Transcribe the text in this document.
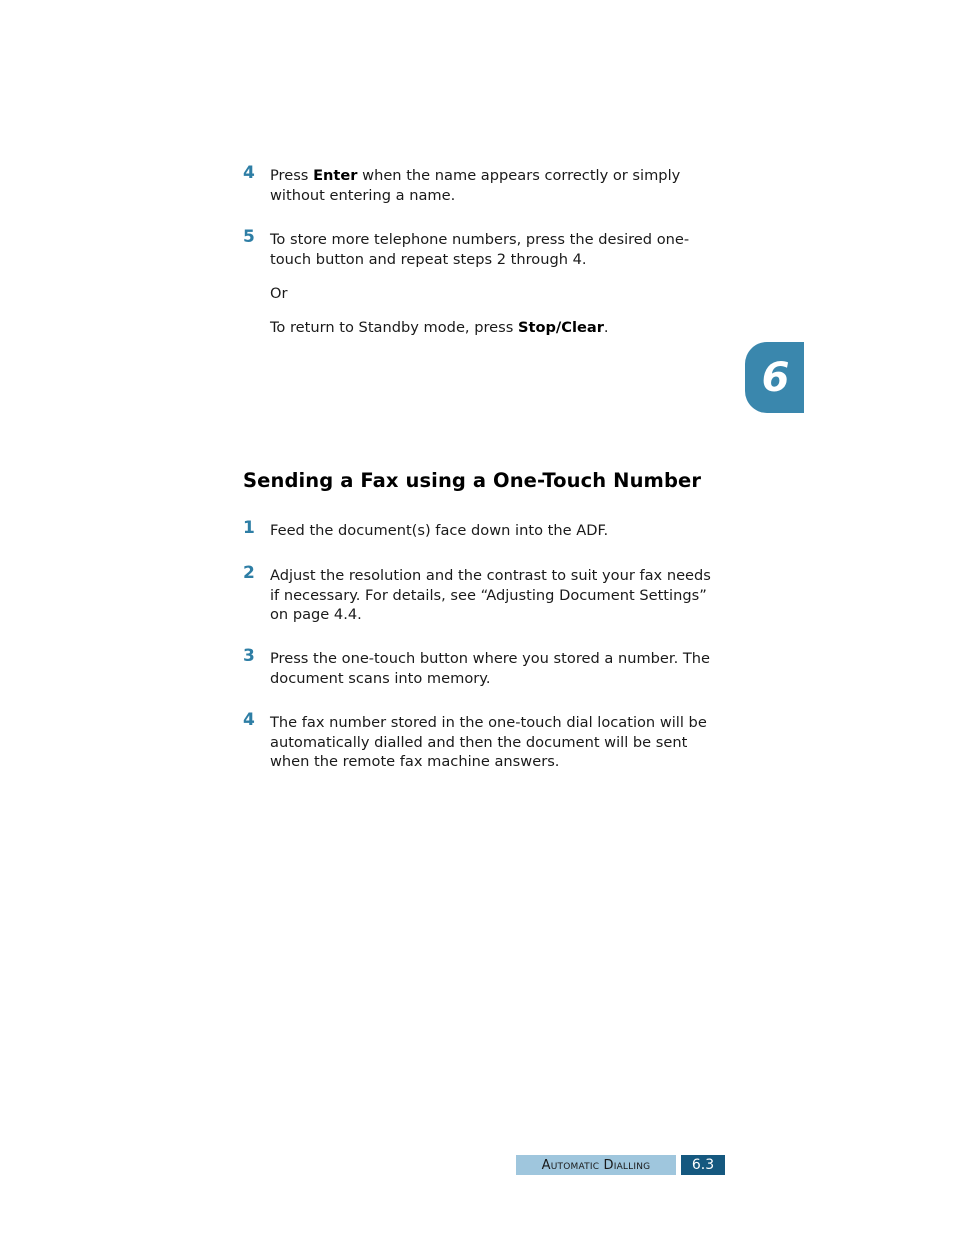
4 Press Enter when the name appears correctly or simply without entering a name.
5 To store more telephone numbers, press the desired one-touch button and repeat steps 2 through 4.
Or
To return to Standby mode, press Stop/Clear.
6
Sending a Fax using a One-Touch Number
1 Feed the document(s) face down into the ADF.
2 Adjust the resolution and the contrast to suit your fax needs if necessary. For details, see “Adjusting Document Settings” on page 4.4.
3 Press the one-touch button where you stored a number. The document scans into memory.
4 The fax number stored in the one-touch dial location will be automatically dialled and then the document will be sent when the remote fax machine answers.
Automatic Dialling	6.3
